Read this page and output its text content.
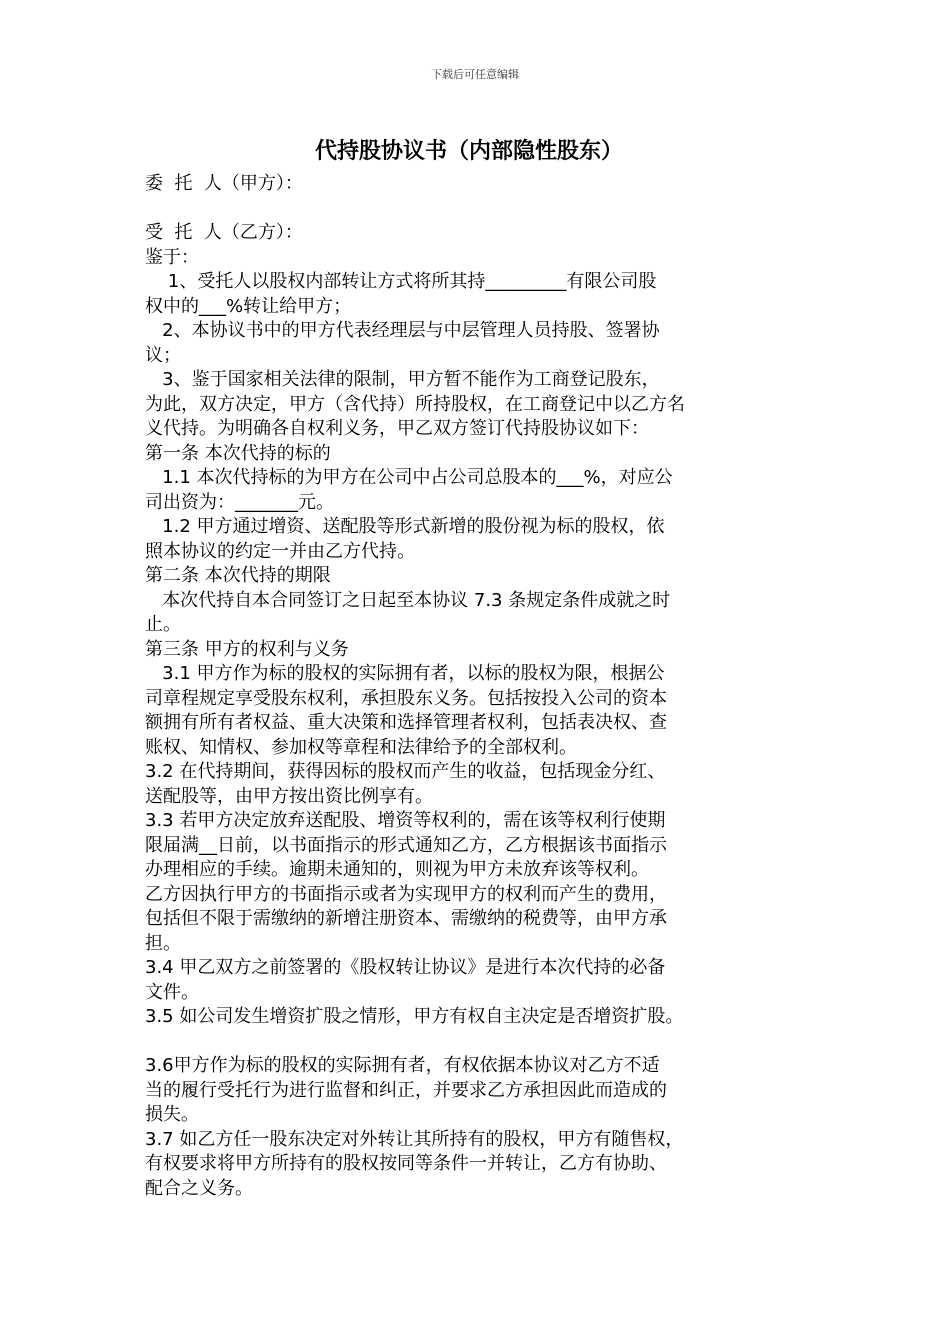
下载后可任意编辑
代持股协议书（内部隐性股东）
委  托  人（甲方）：
受  托  人（乙方）：
鉴于：
1、受托人以股权内部转让方式将所其持_________有限公司股
权中的___%转让给甲方；
2、本协议书中的甲方代表经理层与中层管理人员持股、签署协
议；
3、鉴于国家相关法律的限制，甲方暂不能作为工商登记股东，
为此，双方决定，甲方（含代持）所持股权，在工商登记中以乙方名
义代持。为明确各自权利义务，甲乙双方签订代持股协议如下：
第一条 本次代持的标的
1.1 本次代持标的为甲方在公司中占公司总股本的___%，对应公
司出资为：_______元。
1.2 甲方通过增资、送配股等形式新增的股份视为标的股权，依
照本协议的约定一并由乙方代持。
第二条 本次代持的期限
本次代持自本合同签订之日起至本协议 7.3 条规定条件成就之时
止。
第三条 甲方的权利与义务
3.1 甲方作为标的股权的实际拥有者，以标的股权为限，根据公
司章程规定享受股东权利，承担股东义务。包括按投入公司的资本
额拥有所有者权益、重大决策和选择管理者权利，包括表决权、查
账权、知情权、参加权等章程和法律给予的全部权利。
3.2 在代持期间，获得因标的股权而产生的收益，包括现金分红、
送配股等，由甲方按出资比例享有。
3.3 若甲方决定放弃送配股、增资等权利的，需在该等权利行使期
限届满__日前，以书面指示的形式通知乙方，乙方根据该书面指示
办理相应的手续。逾期未通知的，则视为甲方未放弃该等权利。
乙方因执行甲方的书面指示或者为实现甲方的权利而产生的费用，
包括但不限于需缴纳的新增注册资本、需缴纳的税费等，由甲方承
担。
3.4 甲乙双方之前签署的《股权转让协议》是进行本次代持的必备
文件。
3.5 如公司发生增资扩股之情形，甲方有权自主决定是否增资扩股。
3.6甲方作为标的股权的实际拥有者，有权依据本协议对乙方不适
当的履行受托行为进行监督和纠正，并要求乙方承担因此而造成的
损失。
3.7 如乙方任一股东决定对外转让其所持有的股权，甲方有随售权，
有权要求将甲方所持有的股权按同等条件一并转让，乙方有协助、
配合之义务。
